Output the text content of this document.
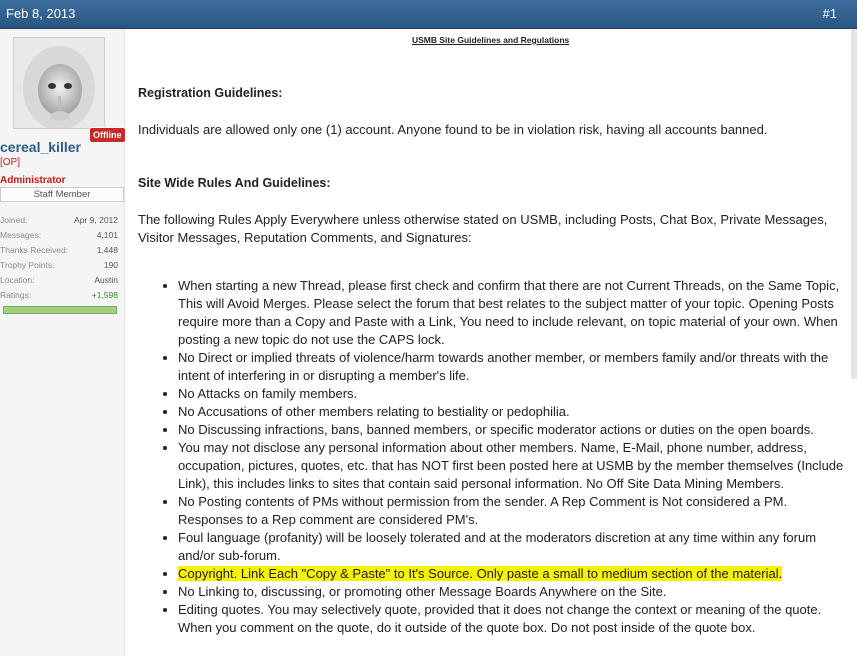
Feb 8, 2013	#1
Offline
cereal_killer
[OP]
Administrator
Staff Member
Joined:	Apr 9, 2012
Messages:	4,101
Thanks Received:	1,448
Trophy Points:	190
Location:	Austin
Ratings:	+1,598
USMB Site Guidelines and Regulations
Registration Guidelines:
Individuals are allowed only one (1) account. Anyone found to be in violation risk, having all accounts banned.
Site Wide Rules And Guidelines:
The following Rules Apply Everywhere unless otherwise stated on USMB, including Posts, Chat Box, Private Messages, Visitor Messages, Reputation Comments, and Signatures:
• When starting a new Thread, please first check and confirm that there are not Current Threads, on the Same Topic, This will Avoid Merges. Please select the forum that best relates to the subject matter of your topic. Opening Posts require more than a Copy and Paste with a Link, You need to include relevant, on topic material of your own. When posting a new topic do not use the CAPS lock.
• No Direct or implied threats of violence/harm towards another member, or members family and/or threats with the intent of interfering in or disrupting a member's life.
• No Attacks on family members.
• No Accusations of other members relating to bestiality or pedophilia.
• No Discussing infractions, bans, banned members, or specific moderator actions or duties on the open boards.
• You may not disclose any personal information about other members. Name, E-Mail, phone number, address, occupation, pictures, quotes, etc. that has NOT first been posted here at USMB by the member themselves (Include Link), this includes links to sites that contain said personal information. No Off Site Data Mining Members.
• No Posting contents of PMs without permission from the sender. A Rep Comment is Not considered a PM. Responses to a Rep comment are considered PM's.
• Foul language (profanity) will be loosely tolerated and at the moderators discretion at any time within any forum and/or sub-forum.
• Copyright. Link Each "Copy & Paste" to It's Source. Only paste a small to medium section of the material.
• No Linking to, discussing, or promoting other Message Boards Anywhere on the Site.
• Editing quotes. You may selectively quote, provided that it does not change the context or meaning of the quote. When you comment on the quote, do it outside of the quote box. Do not post inside of the quote box.
